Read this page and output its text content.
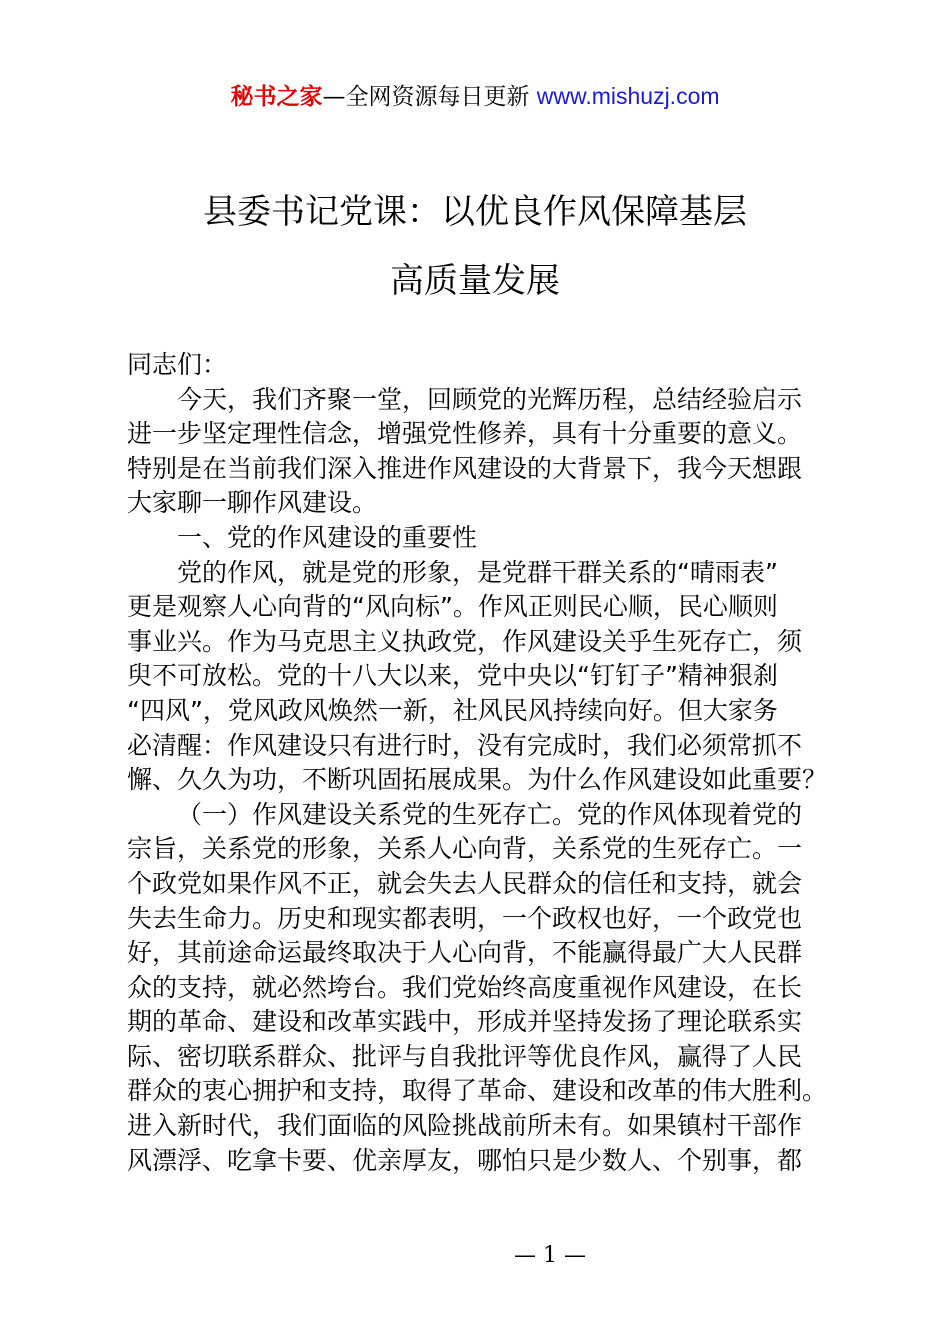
秘书之家—全网资源每日更新 www.mishuzj.com
县委书记党课：以优良作风保障基层
高质量发展
同志们：
今天，我们齐聚一堂，回顾党的光辉历程，总结经验启示
进一步坚定理性信念，增强党性修养，具有十分重要的意义。
特别是在当前我们深入推进作风建设的大背景下，我今天想跟
大家聊一聊作风建设。
一、党的作风建设的重要性
党的作风，就是党的形象，是党群干群关系的“晴雨表”
更是观察人心向背的“风向标”。作风正则民心顺，民心顺则
事业兴。作为马克思主义执政党，作风建设关乎生死存亡，须
臾不可放松。党的十八大以来，党中央以“钉钉子”精神狠刹
“四风”，党风政风焕然一新，社风民风持续向好。但大家务
必清醒：作风建设只有进行时，没有完成时，我们必须常抓不
懈、久久为功，不断巩固拓展成果。为什么作风建设如此重要？
（一）作风建设关系党的生死存亡。党的作风体现着党的
宗旨，关系党的形象，关系人心向背，关系党的生死存亡。一
个政党如果作风不正，就会失去人民群众的信任和支持，就会
失去生命力。历史和现实都表明，一个政权也好，一个政党也
好，其前途命运最终取决于人心向背，不能赢得最广大人民群
众的支持，就必然垮台。我们党始终高度重视作风建设，在长
期的革命、建设和改革实践中，形成并坚持发扬了理论联系实
际、密切联系群众、批评与自我批评等优良作风，赢得了人民
群众的衷心拥护和支持，取得了革命、建设和改革的伟大胜利。
进入新时代，我们面临的风险挑战前所未有。如果镇村干部作
风漂浮、吃拿卡要、优亲厚友，哪怕只是少数人、个别事，都
— 1 —
